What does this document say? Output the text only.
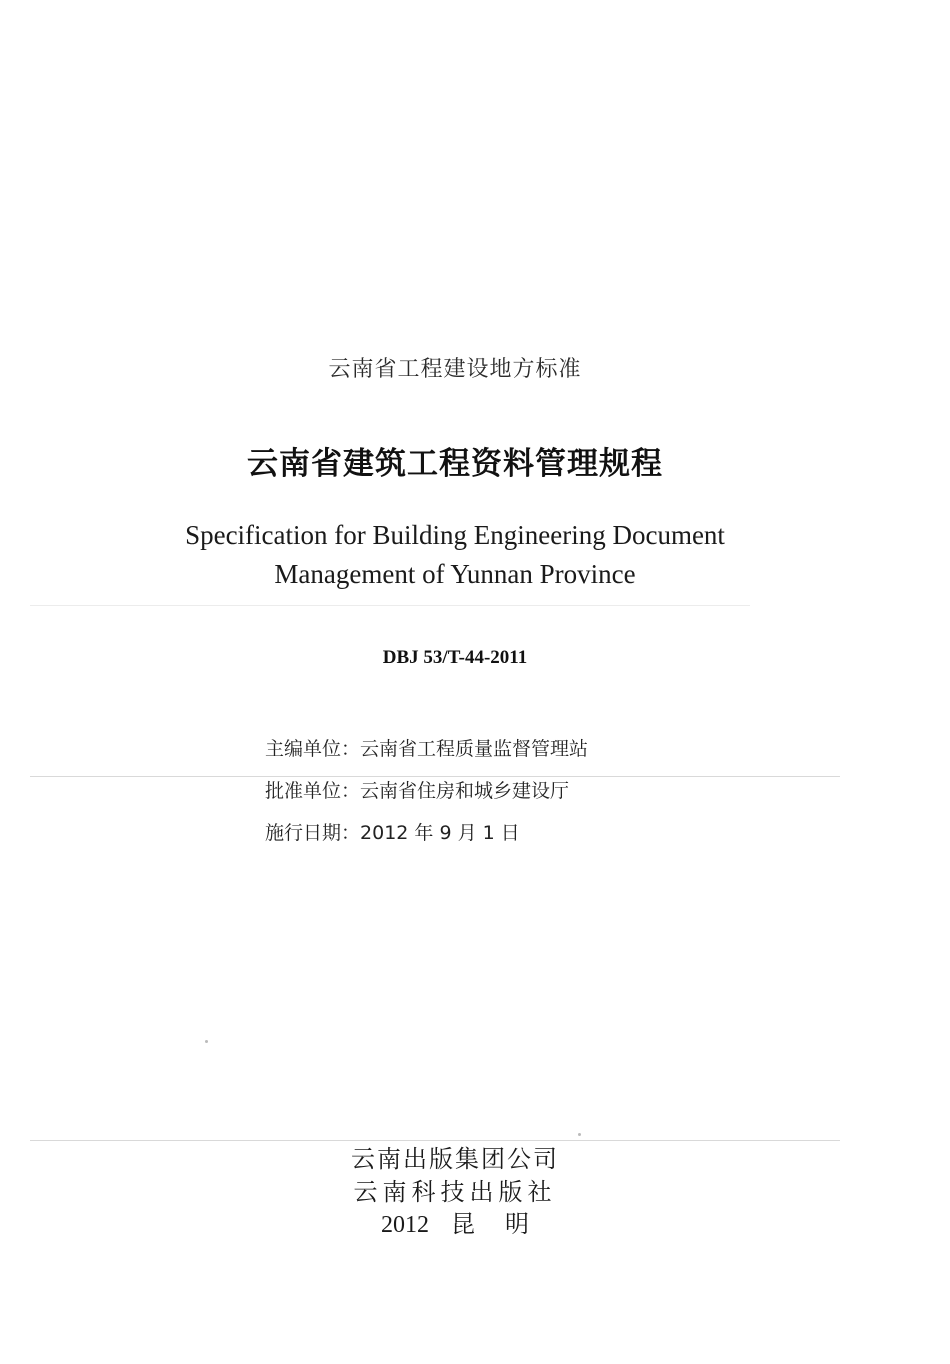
云南省工程建设地方标准
云南省建筑工程资料管理规程
Specification for Building Engineering Document
Management of Yunnan Province
DBJ 53/T-44-2011
主编单位：云南省工程质量监督管理站
批准单位：云南省住房和城乡建设厅
施行日期：2012 年 9 月 1 日
云南出版集团公司
云南科技出版社
2012 昆 明
